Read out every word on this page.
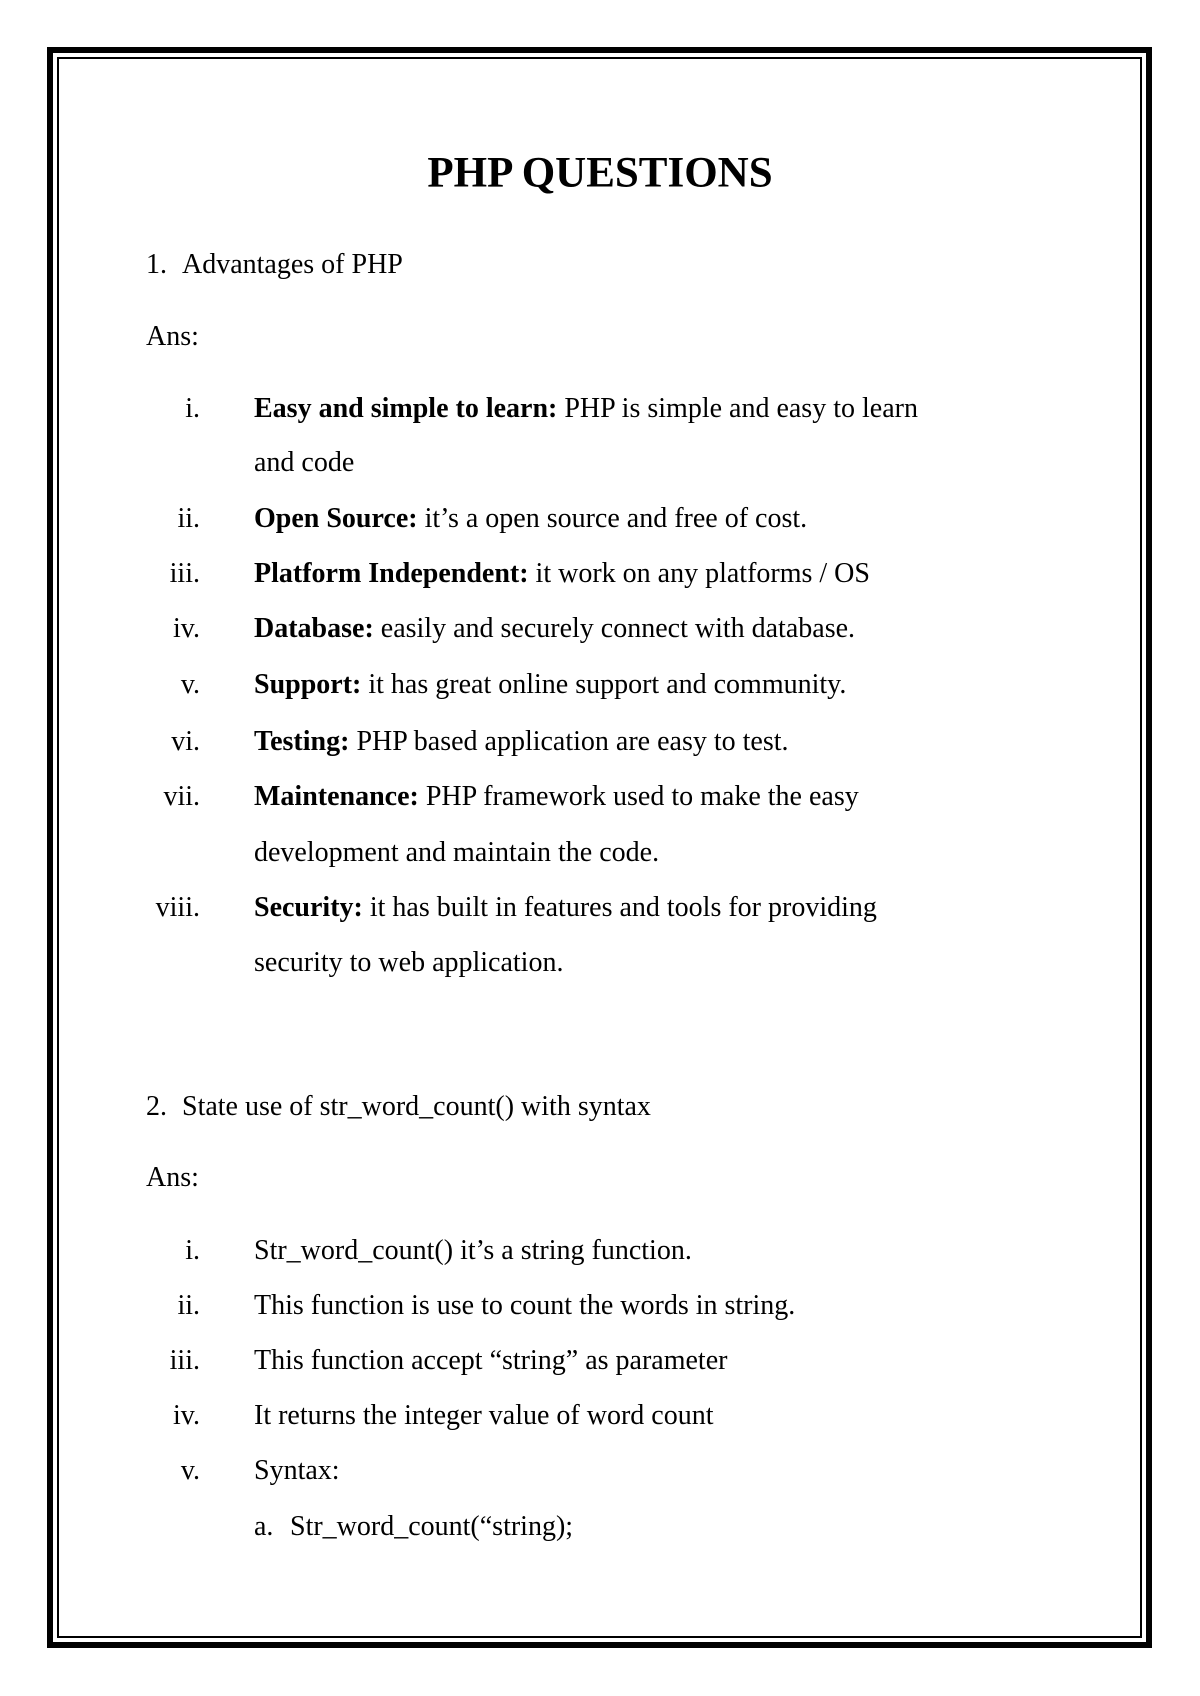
PHP QUESTIONS
1. Advantages of PHP
Ans:
i. Easy and simple to learn: PHP is simple and easy to learn
and code
ii. Open Source: it’s a open source and free of cost.
iii. Platform Independent: it work on any platforms / OS
iv. Database: easily and securely connect with database.
v. Support: it has great online support and community.
vi. Testing: PHP based application are easy to test.
vii. Maintenance: PHP framework used to make the easy
development and maintain the code.
viii. Security: it has built in features and tools for providing
security to web application.
2. State use of str_word_count() with syntax
Ans:
i. Str_word_count() it’s a string function.
ii. This function is use to count the words in string.
iii. This function accept “string” as parameter
iv. It returns the integer value of word count
v. Syntax:
a. Str_word_count(“string);
